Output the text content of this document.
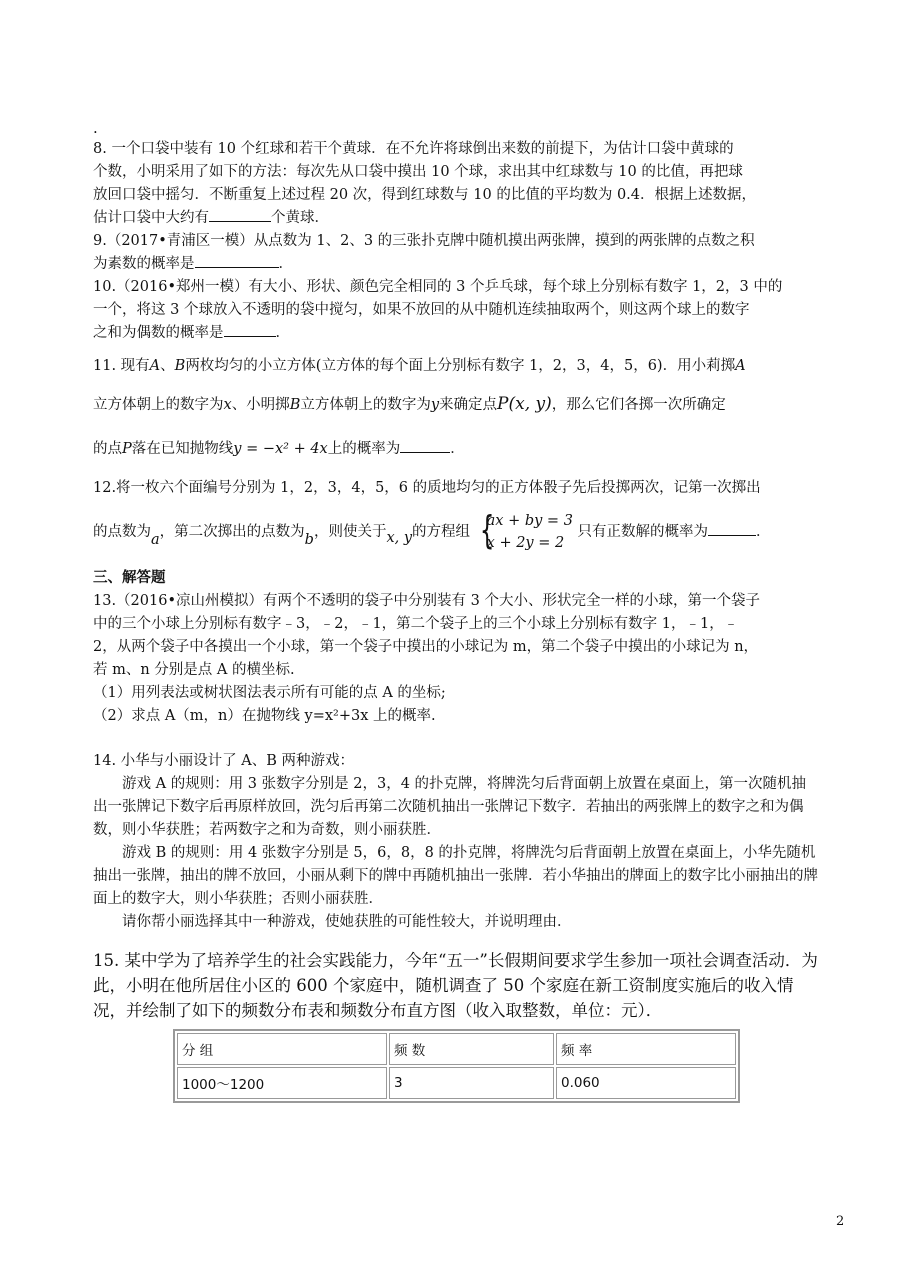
.

8. 一个口袋中装有 10 个红球和若干个黄球．在不允许将球倒出来数的前提下，为估计口袋中黄球的

个数，小明采用了如下的方法：每次先从口袋中摸出 10 个球，求出其中红球数与 10 的比值，再把球

放回口袋中摇匀．不断重复上述过程 20 次，得到红球数与 10 的比值的平均数为 0.4．根据上述数据，

估计口袋中大约有	个黄球．

9.（2017•青浦区一模）从点数为 1、2、3 的三张扑克牌中随机摸出两张牌，摸到的两张牌的点数之积

为素数的概率是	．

10.（2016•郑州一模）有大小、形状、颜色完全相同的 3 个乒乓球，每个球上分别标有数字 1，2，3 中的

一个，将这 3 个球放入不透明的袋中搅匀，如果不放回的从中随机连续抽取两个，则这两个球上的数字

之和为偶数的概率是	．

11. 现有A、B两枚均匀的小立方体(立方体的每个面上分别标有数字 1，2，3，4，5，6)．用小莉掷A

立方体朝上的数字为x、小明掷B立方体朝上的数字为y来确定点P(x, y)，那么它们各掷一次所确定

的点P落在已知抛物线y = −x² + 4x上的概率为	．

12.将一枚六个面编号分别为 1，2，3，4，5，6 的质地均匀的正方体骰子先后投掷两次，记第一次掷出

的点数为a，第二次掷出的点数为b，则使关于x, y的方程组 {
ax + by = 3
x + 2y = 2
只有正数解的概率为	．

三、解答题

13.（2016•凉山州模拟）有两个不透明的袋子中分别装有 3 个大小、形状完全一样的小球，第一个袋子

中的三个小球上分别标有数字﹣3，﹣2，﹣1，第二个袋子上的三个小球上分别标有数字 1，﹣1，﹣

2，从两个袋子中各摸出一个小球，第一个袋子中摸出的小球记为 m，第二个袋子中摸出的小球记为 n，

若 m、n 分别是点 A 的横坐标.

（1）用列表法或树状图法表示所有可能的点 A 的坐标;

（2）求点 A（m，n）在抛物线 y=x²+3x 上的概率.

14. 小华与小丽设计了 A、B 两种游戏：

游戏 A 的规则：用 3 张数字分别是 2，3，4 的扑克牌，将牌洗匀后背面朝上放置在桌面上，第一次随机抽出一张牌记下数字后再原样放回，洗匀后再第二次随机抽出一张牌记下数字．若抽出的两张牌上的数字之和为偶数，则小华获胜；若两数字之和为奇数，则小丽获胜．

游戏 B 的规则：用 4 张数字分别是 5，6，8，8 的扑克牌，将牌洗匀后背面朝上放置在桌面上，小华先随机抽出一张牌，抽出的牌不放回，小丽从剩下的牌中再随机抽出一张牌．若小华抽出的牌面上的数字比小丽抽出的牌面上的数字大，则小华获胜；否则小丽获胜．

请你帮小丽选择其中一种游戏，使她获胜的可能性较大，并说明理由．

15. 某中学为了培养学生的社会实践能力，今年“五一”长假期间要求学生参加一项社会调查活动．为此，小明在他所居住小区的 600 个家庭中，随机调查了 50 个家庭在新工资制度实施后的收入情况，并绘制了如下的频数分布表和频数分布直方图（收入取整数，单位：元）．

分 组	频 数	频 率
1000～1200	3	0.060
2
